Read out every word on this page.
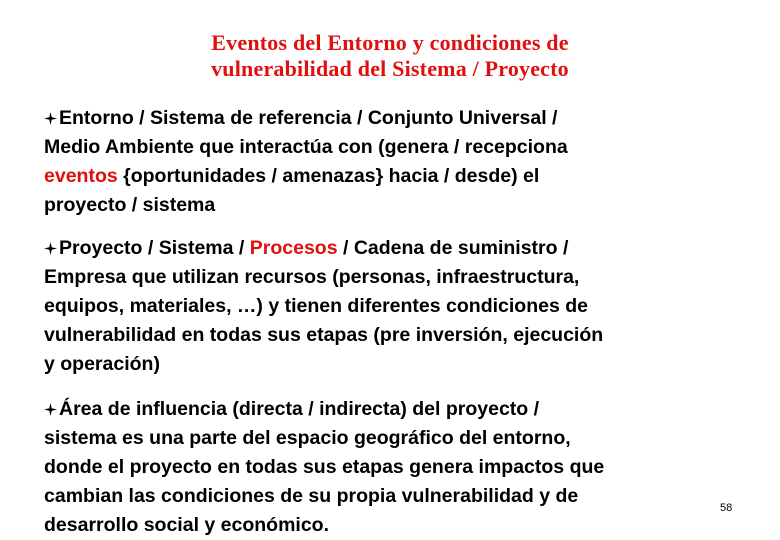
Eventos del Entorno y condiciones de
vulnerabilidad del Sistema / Proyecto
Entorno / Sistema de referencia / Conjunto Universal /
Medio Ambiente que interactúa con (genera / recepciona
eventos {oportunidades / amenazas} hacia / desde) el
proyecto / sistema
Proyecto / Sistema / Procesos / Cadena de suministro /
Empresa que utilizan recursos (personas, infraestructura,
equipos, materiales, …) y tienen diferentes condiciones de
vulnerabilidad en todas sus etapas (pre inversión, ejecución
y operación)
Área de influencia (directa / indirecta) del proyecto /
sistema es una parte del espacio geográfico del entorno,
donde el proyecto en todas sus etapas genera impactos que
cambian las condiciones de su propia vulnerabilidad y de
desarrollo social y económico.
58
